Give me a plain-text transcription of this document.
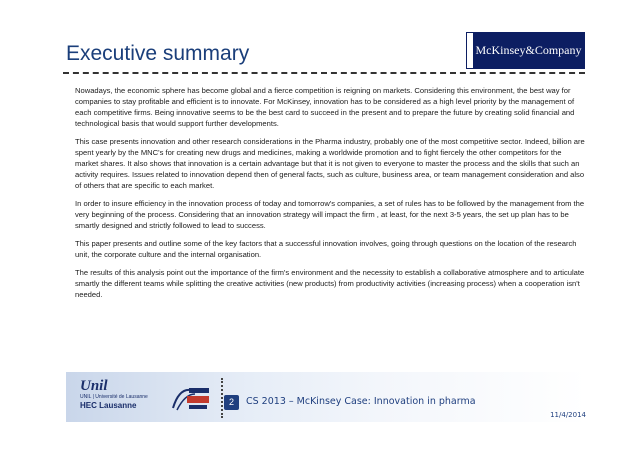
Executive summary	McKinsey&Company

Nowadays, the economic sphere has become global and a fierce competition is reigning on markets. Considering this environment, the best way for companies to stay profitable and efficient is to innovate. For McKinsey, innovation has to be considered as a high level priority by the management of each competitive firms. Being innovative seems to be the best card to succeed in the present and to prepare the future by creating solid financial and technological basis that would support further developments.

This case presents innovation and other research considerations in the Pharma industry, probably one of the most competitive sector. Indeed, billion are spent yearly by the MNC's for creating new drugs and medicines, making a worldwide promotion and to fight fiercely the other competitors for the market shares. It also shows that innovation is a certain advantage but that it is not given to everyone to master the process and the skills that such an activity requires. Issues related to innovation depend then of general facts, such as culture, business area, or team management consideration and also of others that are specific to each market.

In order to insure efficiency in the innovation process of today and tomorrow's companies, a set of rules has to be followed by the management from the very beginning of the process. Considering that an innovation strategy will impact the firm , at least, for the next 3-5 years, the set up plan has to be smartly designed and strictly followed to lead to success.

This paper presents and outline some of the key factors that a successful innovation involves, going through questions on the location of the research unit, the corporate culture and the internal organisation.

The results of this analysis point out the importance of the firm's environment and the necessity to establish a collaborative atmosphere and to articulate smartly the different teams while splitting the creative activities (new products) from productivity activities (increasing process) when a cooperation isn't needed.

Unil
UNIL | Université de Lausanne
HEC Lausanne	2	CS 2013 – McKinsey Case: Innovation in pharma
11/4/2014
